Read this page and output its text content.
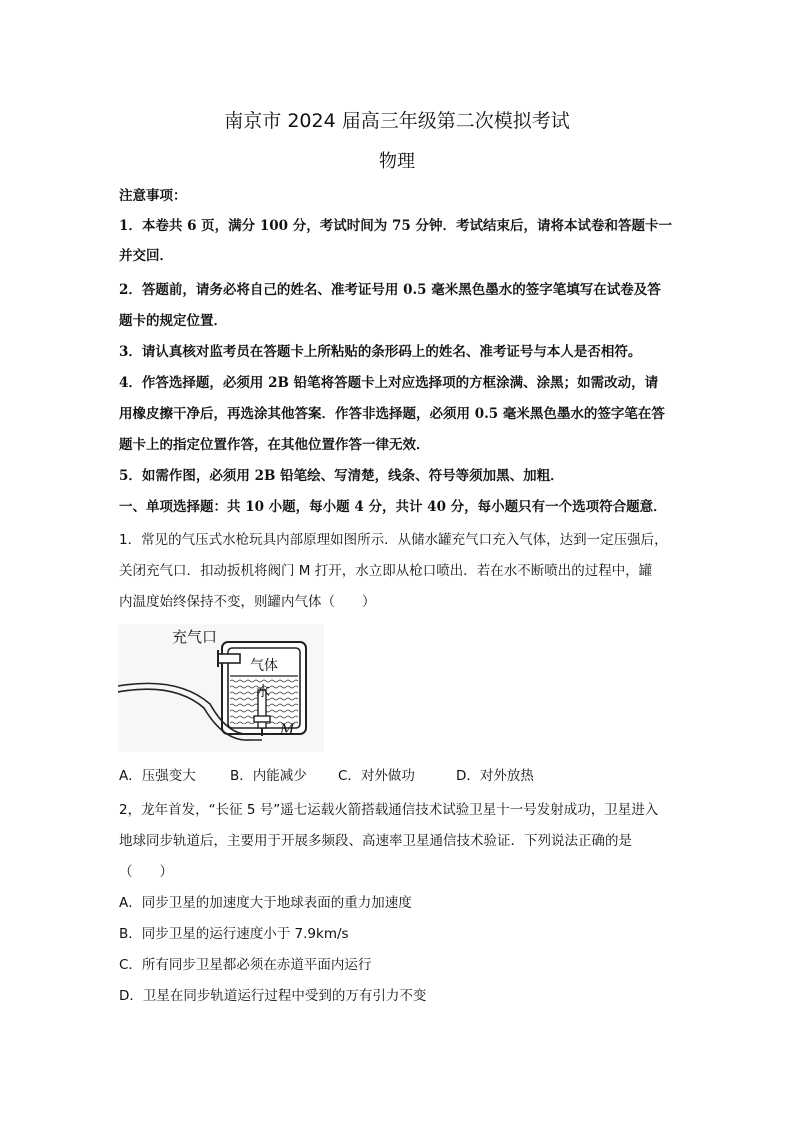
南京市 2024 届高三年级第二次模拟考试
物理
注意事项：
1．本卷共 6 页，满分 100 分，考试时间为 75 分钟．考试结束后，请将本试卷和答题卡一
并交回．
2．答题前，请务必将自己的姓名、准考证号用 0.5 毫米黑色墨水的签字笔填写在试卷及答
题卡的规定位置．
3．请认真核对监考员在答题卡上所粘贴的条形码上的姓名、准考证号与本人是否相符。
4．作答选择题，必须用 2B 铅笔将答题卡上对应选择项的方框涂满、涂黑；如需改动，请
用橡皮擦干净后，再选涂其他答案．作答非选择题，必须用 0.5 毫米黑色墨水的签字笔在答
题卡上的指定位置作答，在其他位置作答一律无效．
5．如需作图，必须用 2B 铅笔绘、写清楚，线条、符号等须加黑、加粗．
一、单项选择题：共 10 小题，每小题 4 分，共计 40 分，每小题只有一个选项符合题意．
1．常见的气压式水枪玩具内部原理如图所示．从储水罐充气口充入气体，达到一定压强后，
关闭充气口．扣动扳机将阀门 M 打开，水立即从枪口喷出．若在水不断喷出的过程中，罐
内温度始终保持不变，则罐内气体（　　）
充气口
气体
水
M
A．压强变大	B．内能减少 C．对外做功	D．对外放热
2，龙年首发，“长征 5 号”遥七运载火箭搭载通信技术试验卫星十一号发射成功，卫星进入
地球同步轨道后，主要用于开展多频段、高速率卫星通信技术验证．下列说法正确的是
（　　）
A．同步卫星的加速度大于地球表面的重力加速度
B．同步卫星的运行速度小于 7.9km/s
C．所有同步卫星都必须在赤道平面内运行
D．卫星在同步轨道运行过程中受到的万有引力不变
